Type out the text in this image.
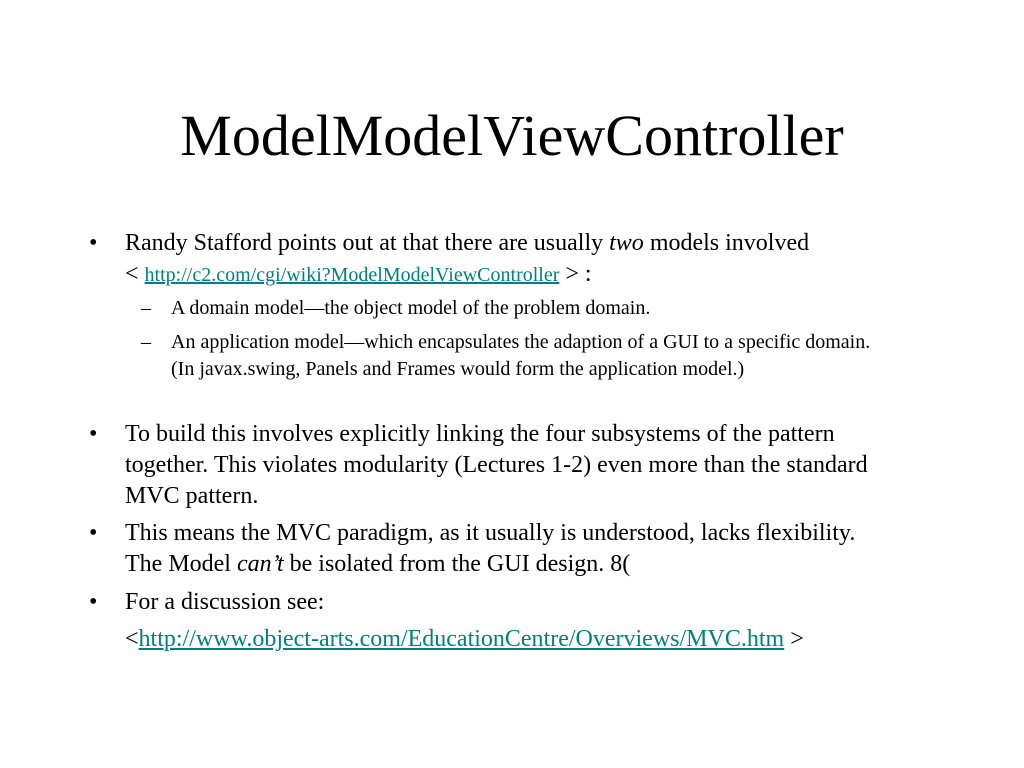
ModelModelViewController
• Randy Stafford points out at that there are usually two models involved
< http://c2.com/cgi/wiki?ModelModelViewController > :
– A domain model—the object model of the problem domain.
– An application model—which encapsulates the adaption of a GUI to a specific domain. (In javax.swing, Panels and Frames would form the application model.)
• To build this involves explicitly linking the four subsystems of the pattern together. This violates modularity (Lectures 1-2) even more than the standard MVC pattern.
• This means the MVC paradigm, as it usually is understood, lacks flexibility. The Model can’t be isolated from the GUI design. 8(
• For a discussion see:
<http://www.object-arts.com/EducationCentre/Overviews/MVC.htm >
